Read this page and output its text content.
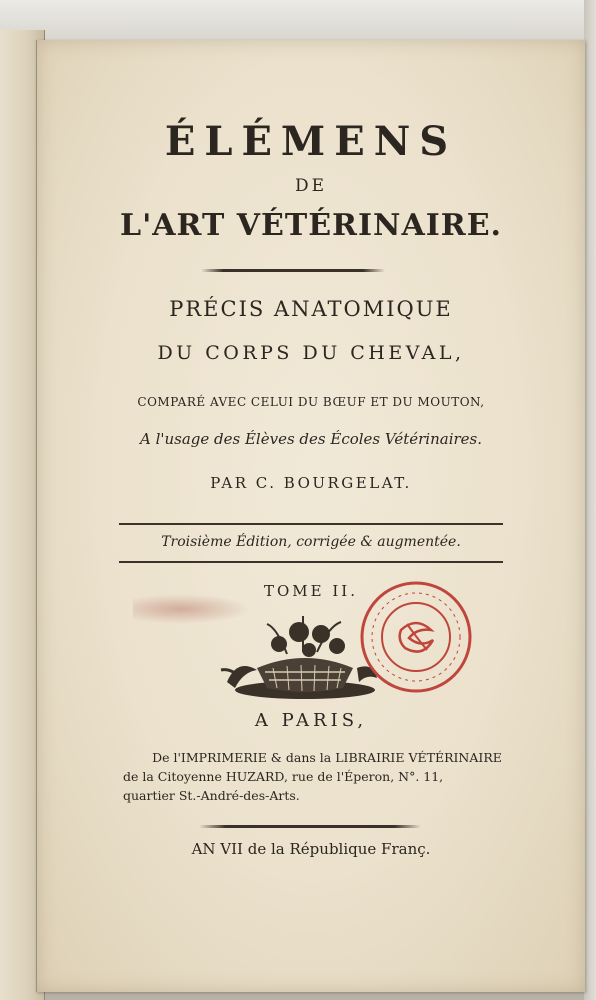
ÉLÉMENS
DE
L'ART VÉTÉRINAIRE.
PRÉCIS ANATOMIQUE
DU CORPS DU CHEVAL,
COMPARÉ AVEC CELUI DU BŒUF ET DU MOUTON,
A l'usage des Élèves des Écoles Vétérinaires.
PAR C. BOURGELAT.
Troisième Édition, corrigée & augmentée.
TOME II.
A PARIS,
De l'IMPRIMERIE & dans la LIBRAIRIE VÉTÉRINAIRE
de la Citoyenne HUZARD, rue de l'Éperon, N°. 11,
quartier St.-André-des-Arts.
AN VII de la République Franç.
